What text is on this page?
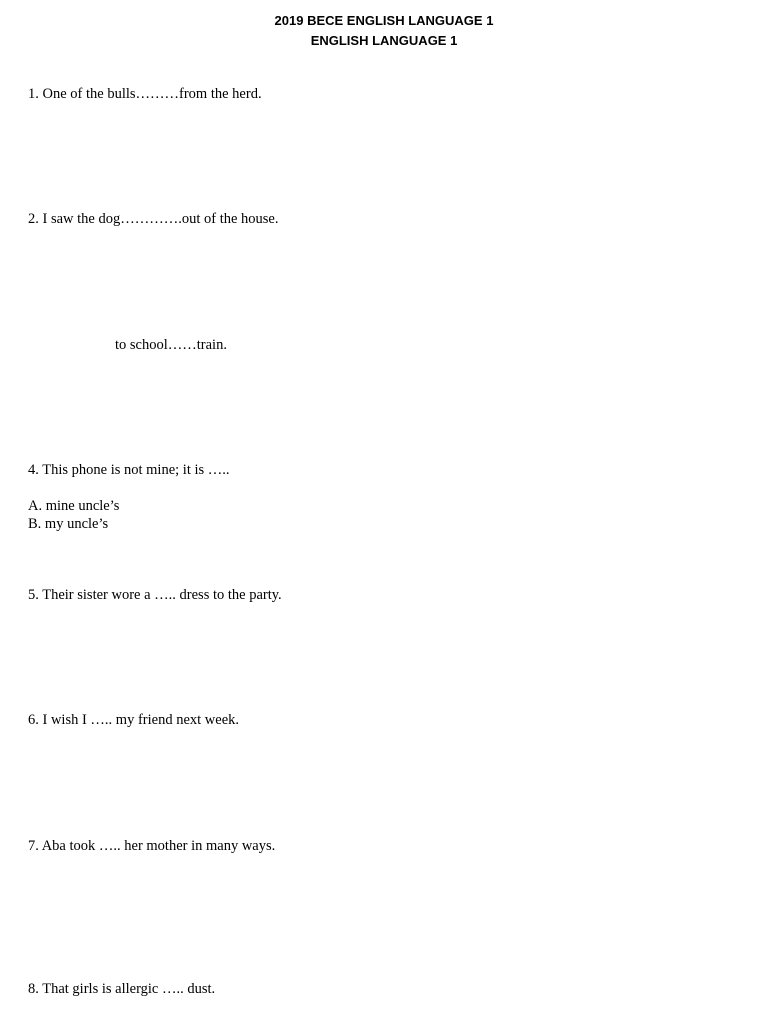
2019 BECE ENGLISH LANGUAGE 1
ENGLISH LANGUAGE 1

1. One of the bulls………from the herd.

2. I saw the dog………….out of the house.

to school……train.

4. This phone is not mine; it is …..

A. mine uncle’s

B. my uncle’s

5. Their sister wore a ….. dress to the party.

6. I wish I ….. my friend next week.

7. Aba took ….. her mother in many ways.

8. That girls is allergic ….. dust.
